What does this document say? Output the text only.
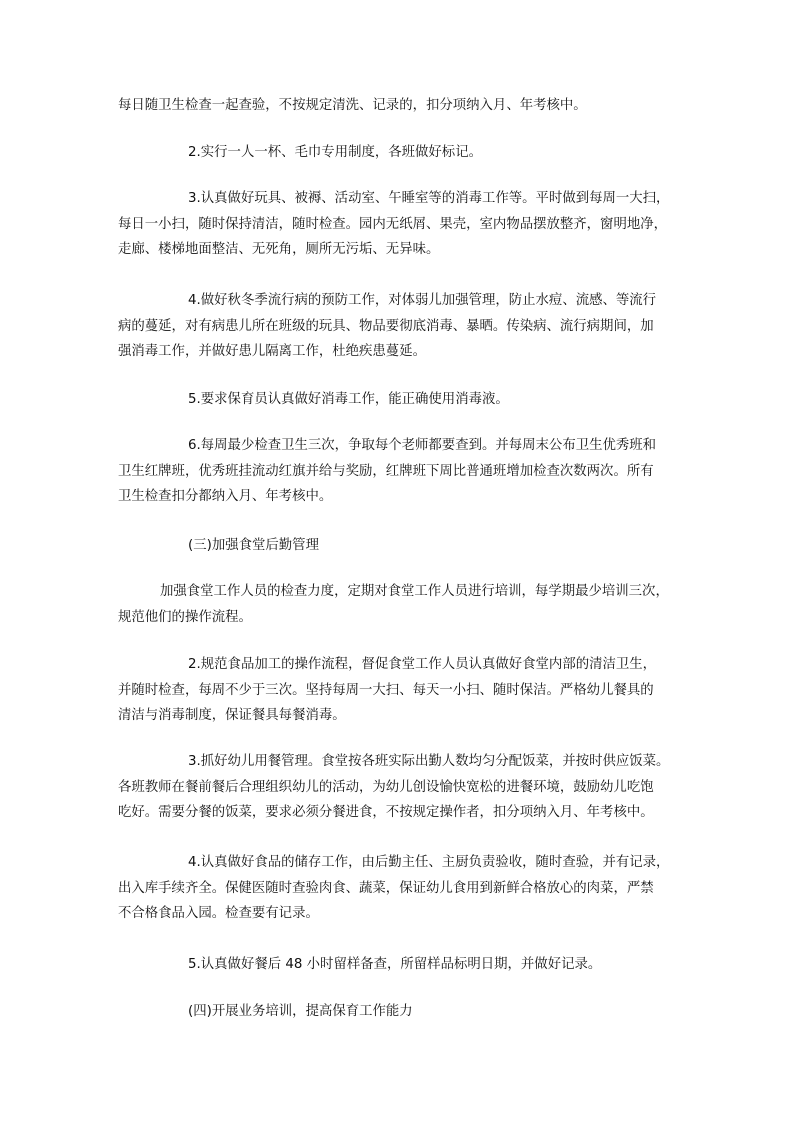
每日随卫生检查一起查验，不按规定清洗、记录的，扣分项纳入月、年考核中。

2.实行一人一杯、毛巾专用制度，各班做好标记。

3.认真做好玩具、被褥、活动室、午睡室等的消毒工作等。平时做到每周一大扫，
每日一小扫，随时保持清洁，随时检查。园内无纸屑、果壳，室内物品摆放整齐，窗明地净，
走廊、楼梯地面整洁、无死角，厕所无污垢、无异味。

4.做好秋冬季流行病的预防工作，对体弱儿加强管理，防止水痘、流感、等流行
病的蔓延，对有病患儿所在班级的玩具、物品要彻底消毒、暴晒。传染病、流行病期间，加
强消毒工作，并做好患儿隔离工作，杜绝疾患蔓延。

5.要求保育员认真做好消毒工作，能正确使用消毒液。

6.每周最少检查卫生三次，争取每个老师都要查到。并每周末公布卫生优秀班和
卫生红牌班，优秀班挂流动红旗并给与奖励，红牌班下周比普通班增加检查次数两次。所有
卫生检查扣分都纳入月、年考核中。

(三)加强食堂后勤管理

加强食堂工作人员的检查力度，定期对食堂工作人员进行培训，每学期最少培训三次，
规范他们的操作流程。

2.规范食品加工的操作流程，督促食堂工作人员认真做好食堂内部的清洁卫生，
并随时检查，每周不少于三次。坚持每周一大扫、每天一小扫、随时保洁。严格幼儿餐具的
清洁与消毒制度，保证餐具每餐消毒。

3.抓好幼儿用餐管理。食堂按各班实际出勤人数均匀分配饭菜，并按时供应饭菜。
各班教师在餐前餐后合理组织幼儿的活动，为幼儿创设愉快宽松的进餐环境，鼓励幼儿吃饱
吃好。需要分餐的饭菜，要求必须分餐进食，不按规定操作者，扣分项纳入月、年考核中。

4.认真做好食品的储存工作，由后勤主任、主厨负责验收，随时查验，并有记录，
出入库手续齐全。保健医随时查验肉食、蔬菜，保证幼儿食用到新鲜合格放心的肉菜，严禁
不合格食品入园。检查要有记录。

5.认真做好餐后 48 小时留样备查，所留样品标明日期，并做好记录。

(四)开展业务培训，提高保育工作能力
